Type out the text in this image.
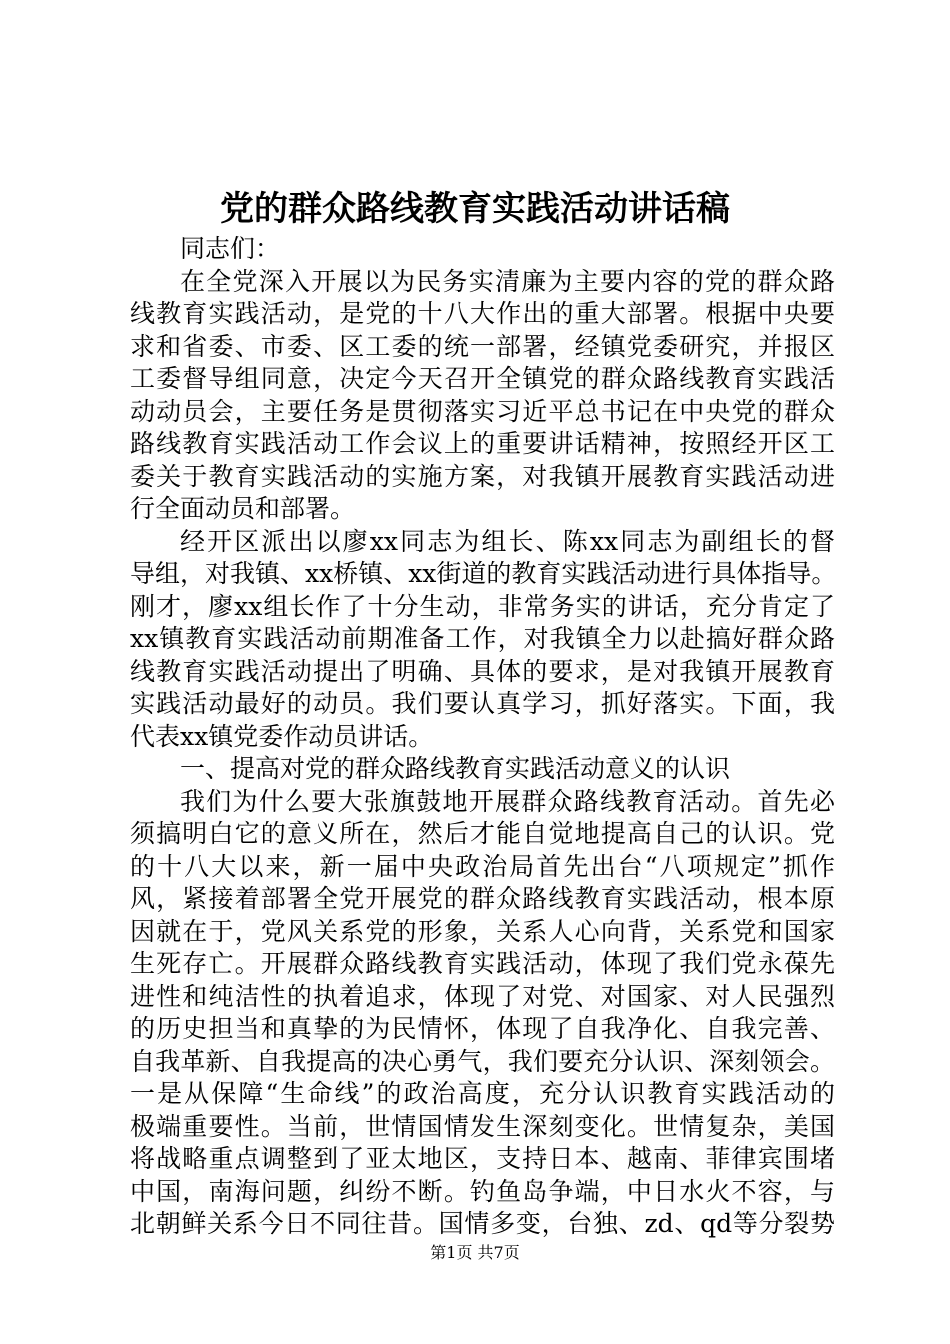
党的群众路线教育实践活动讲话稿
同志们：
在全党深入开展以为民务实清廉为主要内容的党的群众路
线教育实践活动，是党的十八大作出的重大部署。根据中央要
求和省委、市委、区工委的统一部署，经镇党委研究，并报区
工委督导组同意，决定今天召开全镇党的群众路线教育实践活
动动员会，主要任务是贯彻落实习近平总书记在中央党的群众
路线教育实践活动工作会议上的重要讲话精神，按照经开区工
委关于教育实践活动的实施方案，对我镇开展教育实践活动进
行全面动员和部署。
经开区派出以廖xx同志为组长、陈xx同志为副组长的督
导组，对我镇、xx桥镇、xx街道的教育实践活动进行具体指导。
刚才，廖xx组长作了十分生动，非常务实的讲话，充分肯定了
xx镇教育实践活动前期准备工作，对我镇全力以赴搞好群众路
线教育实践活动提出了明确、具体的要求，是对我镇开展教育
实践活动最好的动员。我们要认真学习，抓好落实。下面，我
代表xx镇党委作动员讲话。
一、提高对党的群众路线教育实践活动意义的认识
我们为什么要大张旗鼓地开展群众路线教育活动。首先必
须搞明白它的意义所在，然后才能自觉地提高自己的认识。党
的十八大以来，新一届中央政治局首先出台“八项规定”抓作
风，紧接着部署全党开展党的群众路线教育实践活动，根本原
因就在于，党风关系党的形象，关系人心向背，关系党和国家
生死存亡。开展群众路线教育实践活动，体现了我们党永葆先
进性和纯洁性的执着追求，体现了对党、对国家、对人民强烈
的历史担当和真挚的为民情怀，体现了自我净化、自我完善、
自我革新、自我提高的决心勇气，我们要充分认识、深刻领会。
一是从保障“生命线”的政治高度，充分认识教育实践活动的
极端重要性。当前，世情国情发生深刻变化。世情复杂，美国
将战略重点调整到了亚太地区，支持日本、越南、菲律宾围堵
中国，南海问题，纠纷不断。钓鱼岛争端，中日水火不容，与
北朝鲜关系今日不同往昔。国情多变，台独、zd、qd等分裂势
第1页 共7页
